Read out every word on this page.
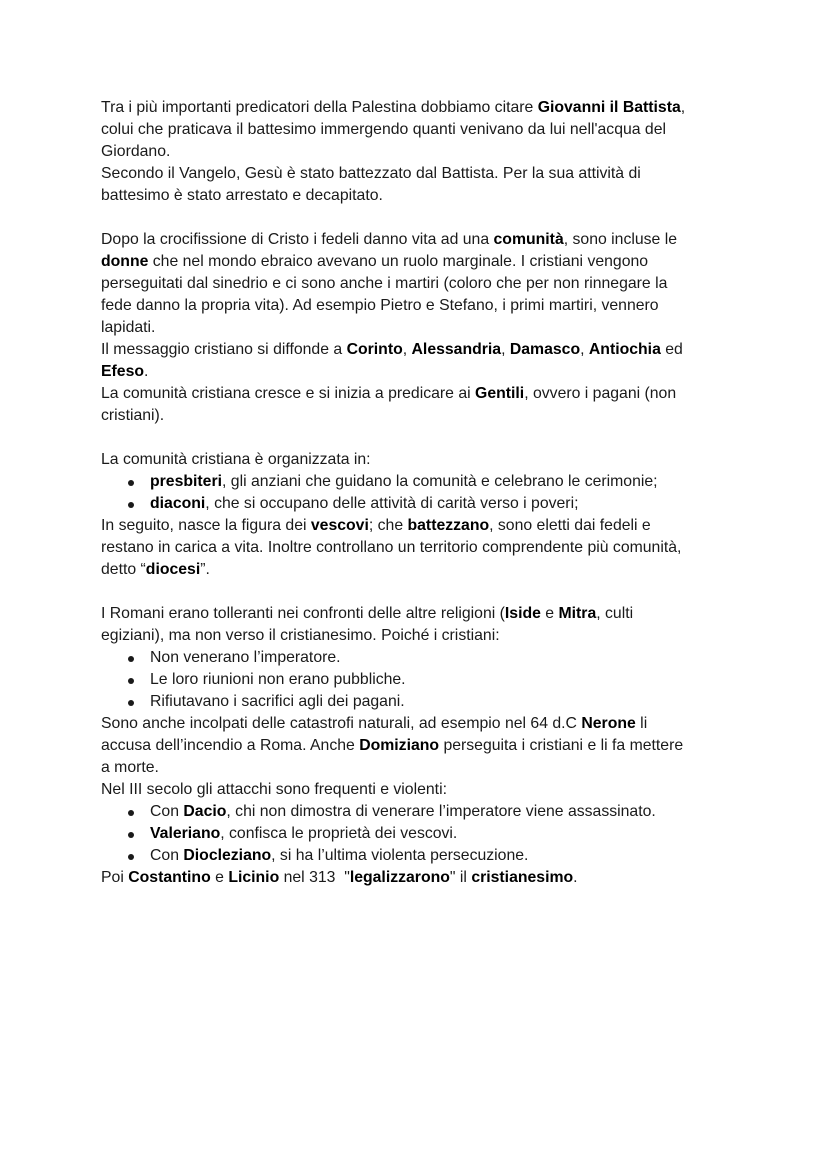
Tra i più importanti predicatori della Palestina dobbiamo citare Giovanni il Battista,
colui che praticava il battesimo immergendo quanti venivano da lui nell'acqua del
Giordano.
Secondo il Vangelo, Gesù è stato battezzato dal Battista. Per la sua attività di
battesimo è stato arrestato e decapitato.
Dopo la crocifissione di Cristo i fedeli danno vita ad una comunità, sono incluse le
donne che nel mondo ebraico avevano un ruolo marginale. I cristiani vengono
perseguitati dal sinedrio e ci sono anche i martiri (coloro che per non rinnegare la
fede danno la propria vita). Ad esempio Pietro e Stefano, i primi martiri, vennero
lapidati.
Il messaggio cristiano si diffonde a Corinto, Alessandria, Damasco, Antiochia ed
Efeso.
La comunità cristiana cresce e si inizia a predicare ai Gentili, ovvero i pagani (non
cristiani).
La comunità cristiana è organizzata in:
presbiteri, gli anziani che guidano la comunità e celebrano le cerimonie;
diaconi, che si occupano delle attività di carità verso i poveri;
In seguito, nasce la figura dei vescovi; che battezzano, sono eletti dai fedeli e
restano in carica a vita. Inoltre controllano un territorio comprendente più comunità,
detto “diocesi”.
I Romani erano tolleranti nei confronti delle altre religioni (Iside e Mitra, culti
egiziani), ma non verso il cristianesimo. Poiché i cristiani:
Non venerano l’imperatore.
Le loro riunioni non erano pubbliche.
Rifiutavano i sacrifici agli dei pagani.
Sono anche incolpati delle catastrofi naturali, ad esempio nel 64 d.C Nerone li
accusa dell’incendio a Roma. Anche Domiziano perseguita i cristiani e li fa mettere
a morte.
Nel III secolo gli attacchi sono frequenti e violenti:
Con Dacio, chi non dimostra di venerare l’imperatore viene assassinato.
Valeriano, confisca le proprietà dei vescovi.
Con Diocleziano, si ha l’ultima violenta persecuzione.
Poi Costantino e Licinio nel 313  "legalizzarono" il cristianesimo.
